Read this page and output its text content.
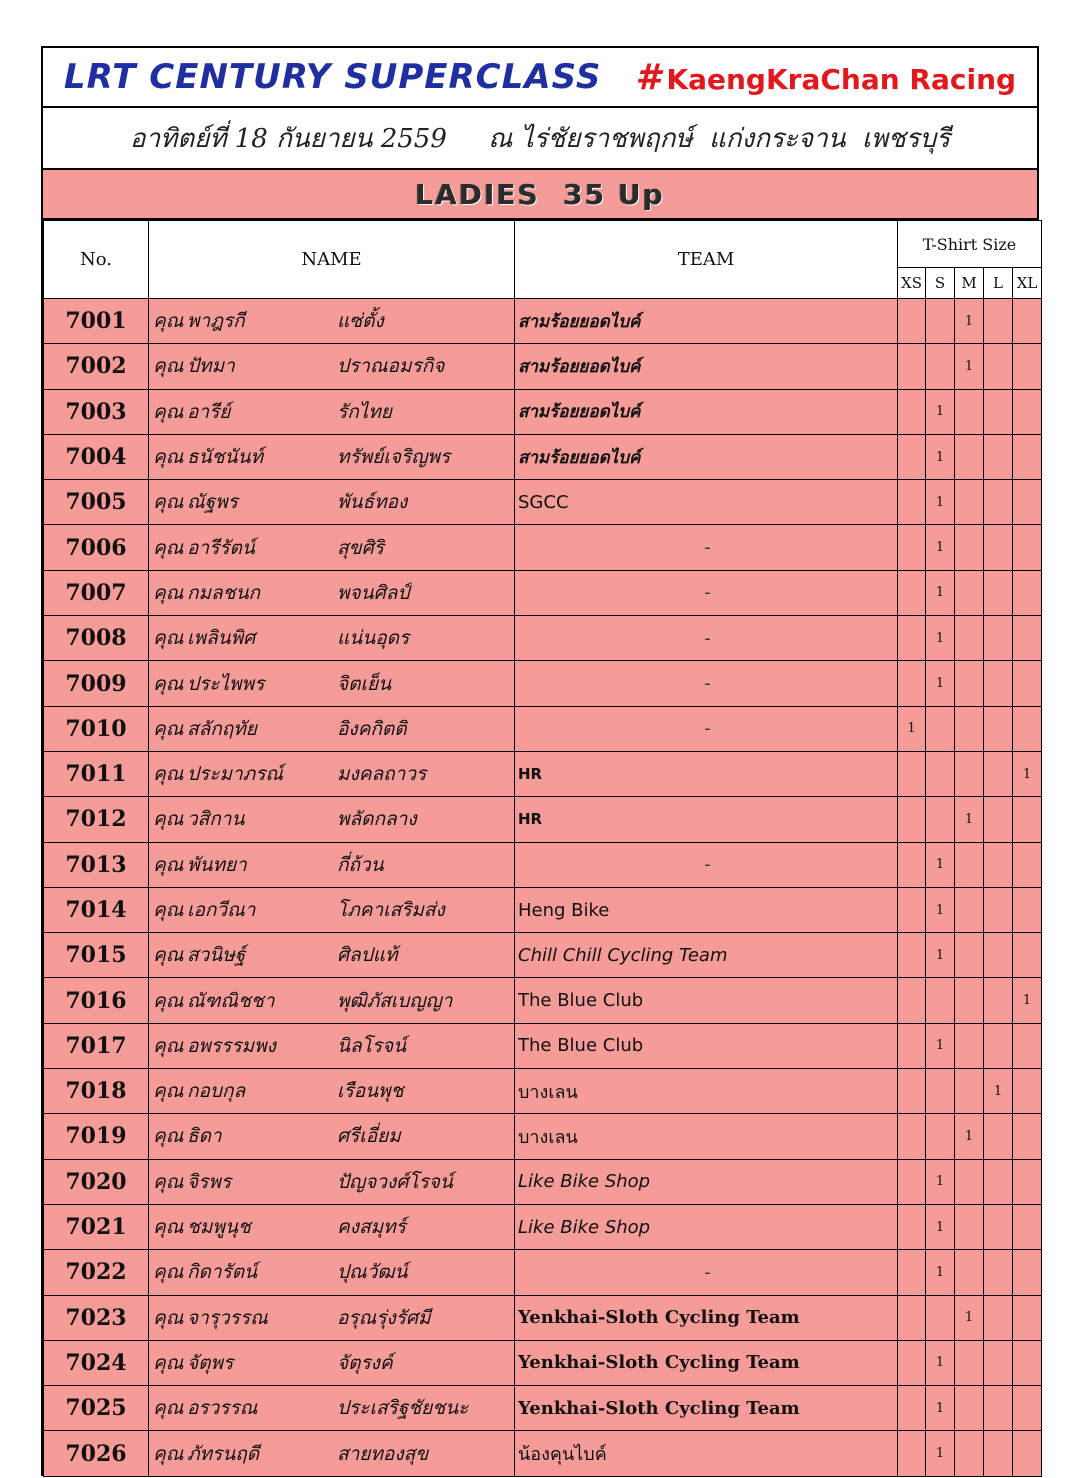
LRT CENTURY SUPERCLASS # KaengKraChan Racing
อาทิตย์ที่ 18 กันยายน 2559     ณ ไร่ชัยราชพฤกษ์  แก่งกระจาน  เพชรบุรี
LADIES  35 Up
No.	NAME	TEAM	T-Shirt Size				
			XS	S	M	L	XL
7001	คุณ พาฎรกี แซ่ตั้ง	สามร้อยยอดไบค์			1		
7002	คุณ ปัทมา ปราณอมรกิจ	สามร้อยยอดไบค์			1		
7003	คุณ อารีย์ รักไทย	สามร้อยยอดไบค์		1			
7004	คุณ ธนัชนันท์ ทรัพย์เจริญพร	สามร้อยยอดไบค์		1			
7005	คุณ ณัฐพร พันธ์ทอง	SGCC		1			
7006	คุณ อารีรัตน์ สุขศิริ	-		1			
7007	คุณ กมลชนก พจนศิลป์	-		1			
7008	คุณ เพลินพิศ แน่นอุดร	-		1			
7009	คุณ ประไพพร จิตเย็น	-		1			
7010	คุณ สลักฤทัย อิงคกิตติ	-	1				
7011	คุณ ประมาภรณ์ มงคลถาวร	HR					1
7012	คุณ วสิกาน พลัดกลาง	HR			1		
7013	คุณ พันทยา กี่ถ้วน	-		1			
7014	คุณ เอกวีณา โภคาเสริมส่ง	Heng Bike		1			
7015	คุณ สวนิษฐ์ ศิลปแท้	Chill Chill Cycling Team		1			
7016	คุณ ณัฑณิชชา พุฒิภัสเบญญา	The Blue Club					1
7017	คุณ อพรรรมพง นิลโรจน์	The Blue Club		1			
7018	คุณ กอบกุล เรือนพุช	บางเลน				1	
7019	คุณ ธิดา ศรีเอี่ยม	บางเลน			1		
7020	คุณ จิรพร ปัญจวงศ์โรจน์	Like Bike Shop		1			
7021	คุณ ชมพูนุช คงสมุทร์	Like Bike Shop		1			
7022	คุณ กิดารัตน์ ปุณวัฒน์	-		1			
7023	คุณ จารุวรรณ อรุณรุ่งรัศมี	Yenkhai-Sloth Cycling Team			1		
7024	คุณ จัตุพร จัตุรงค์	Yenkhai-Sloth Cycling Team		1			
7025	คุณ อรวรรณ ประเสริฐชัยชนะ	Yenkhai-Sloth Cycling Team		1			
7026	คุณ ภัทรนฤดี สายทองสุข	น้องคุนไบค์		1			
